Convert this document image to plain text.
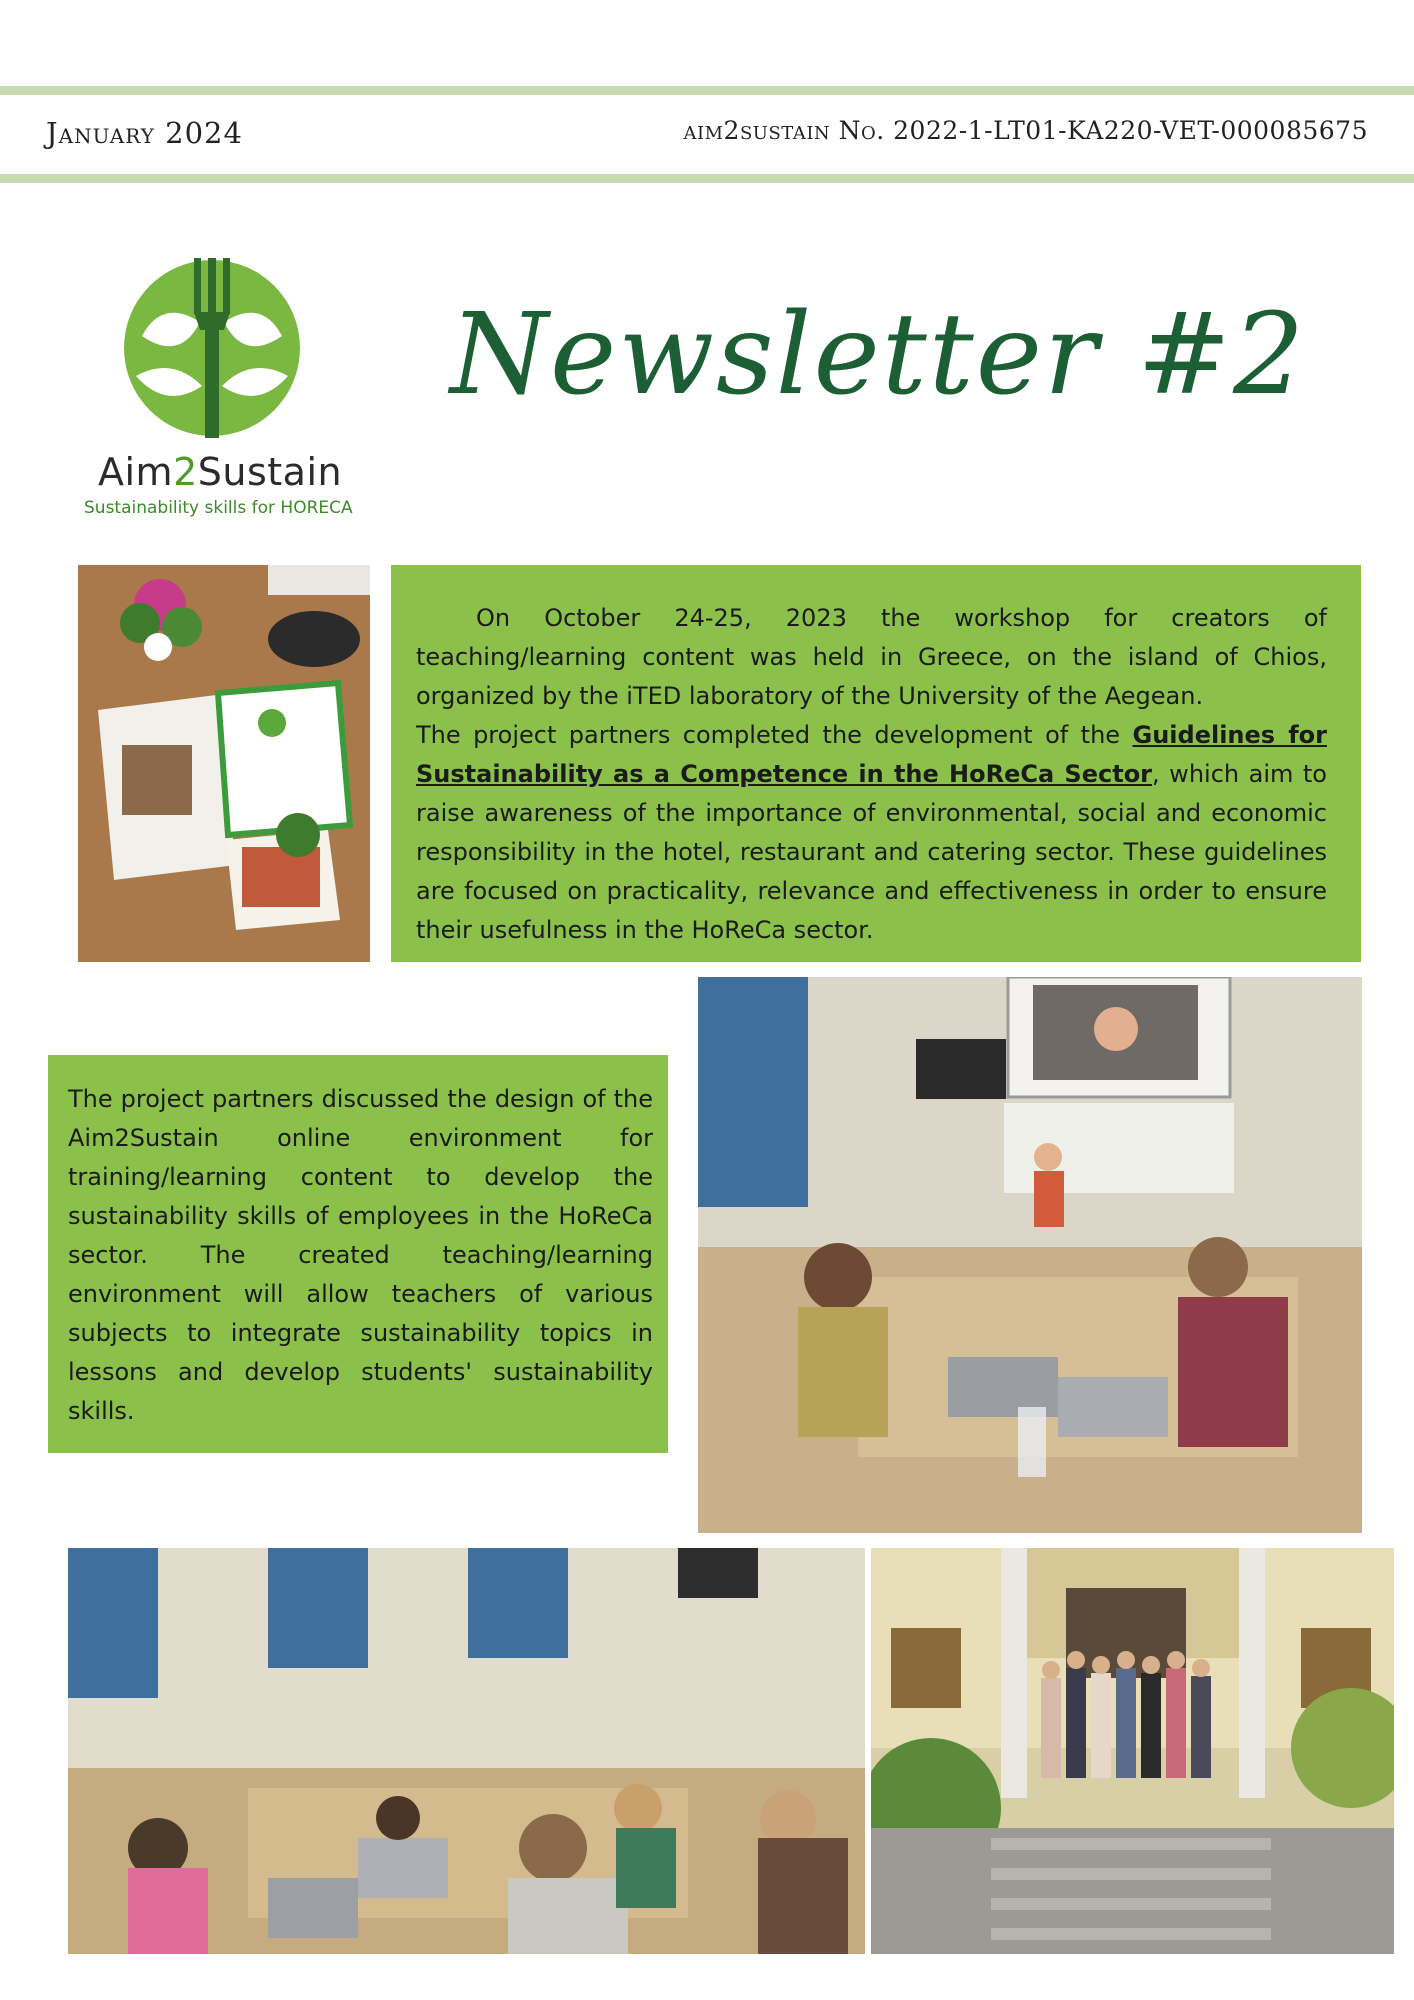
January 2024	aim2sustain No. 2022-1-LT01-KA220-VET-000085675
Aim2Sustain
Sustainability skills for HORECA
Newsletter #2

On October 24-25, 2023 the workshop for creators of teaching/learning content was held in Greece, on the island of Chios, organized by the iTED laboratory of the University of the Aegean.

The project partners completed the development of the Guidelines for Sustainability as a Competence in the HoReCa Sector, which aim to raise awareness of the importance of environmental, social and economic responsibility in the hotel, restaurant and catering sector. These guidelines are focused on practicality, relevance and effectiveness in order to ensure their usefulness in the HoReCa sector.

The project partners discussed the design of the Aim2Sustain online environment for training/learning content to develop the sustainability skills of employees in the HoReCa sector. The created teaching/learning environment will allow teachers of various subjects to integrate sustainability topics in lessons and develop students' sustainability skills.
